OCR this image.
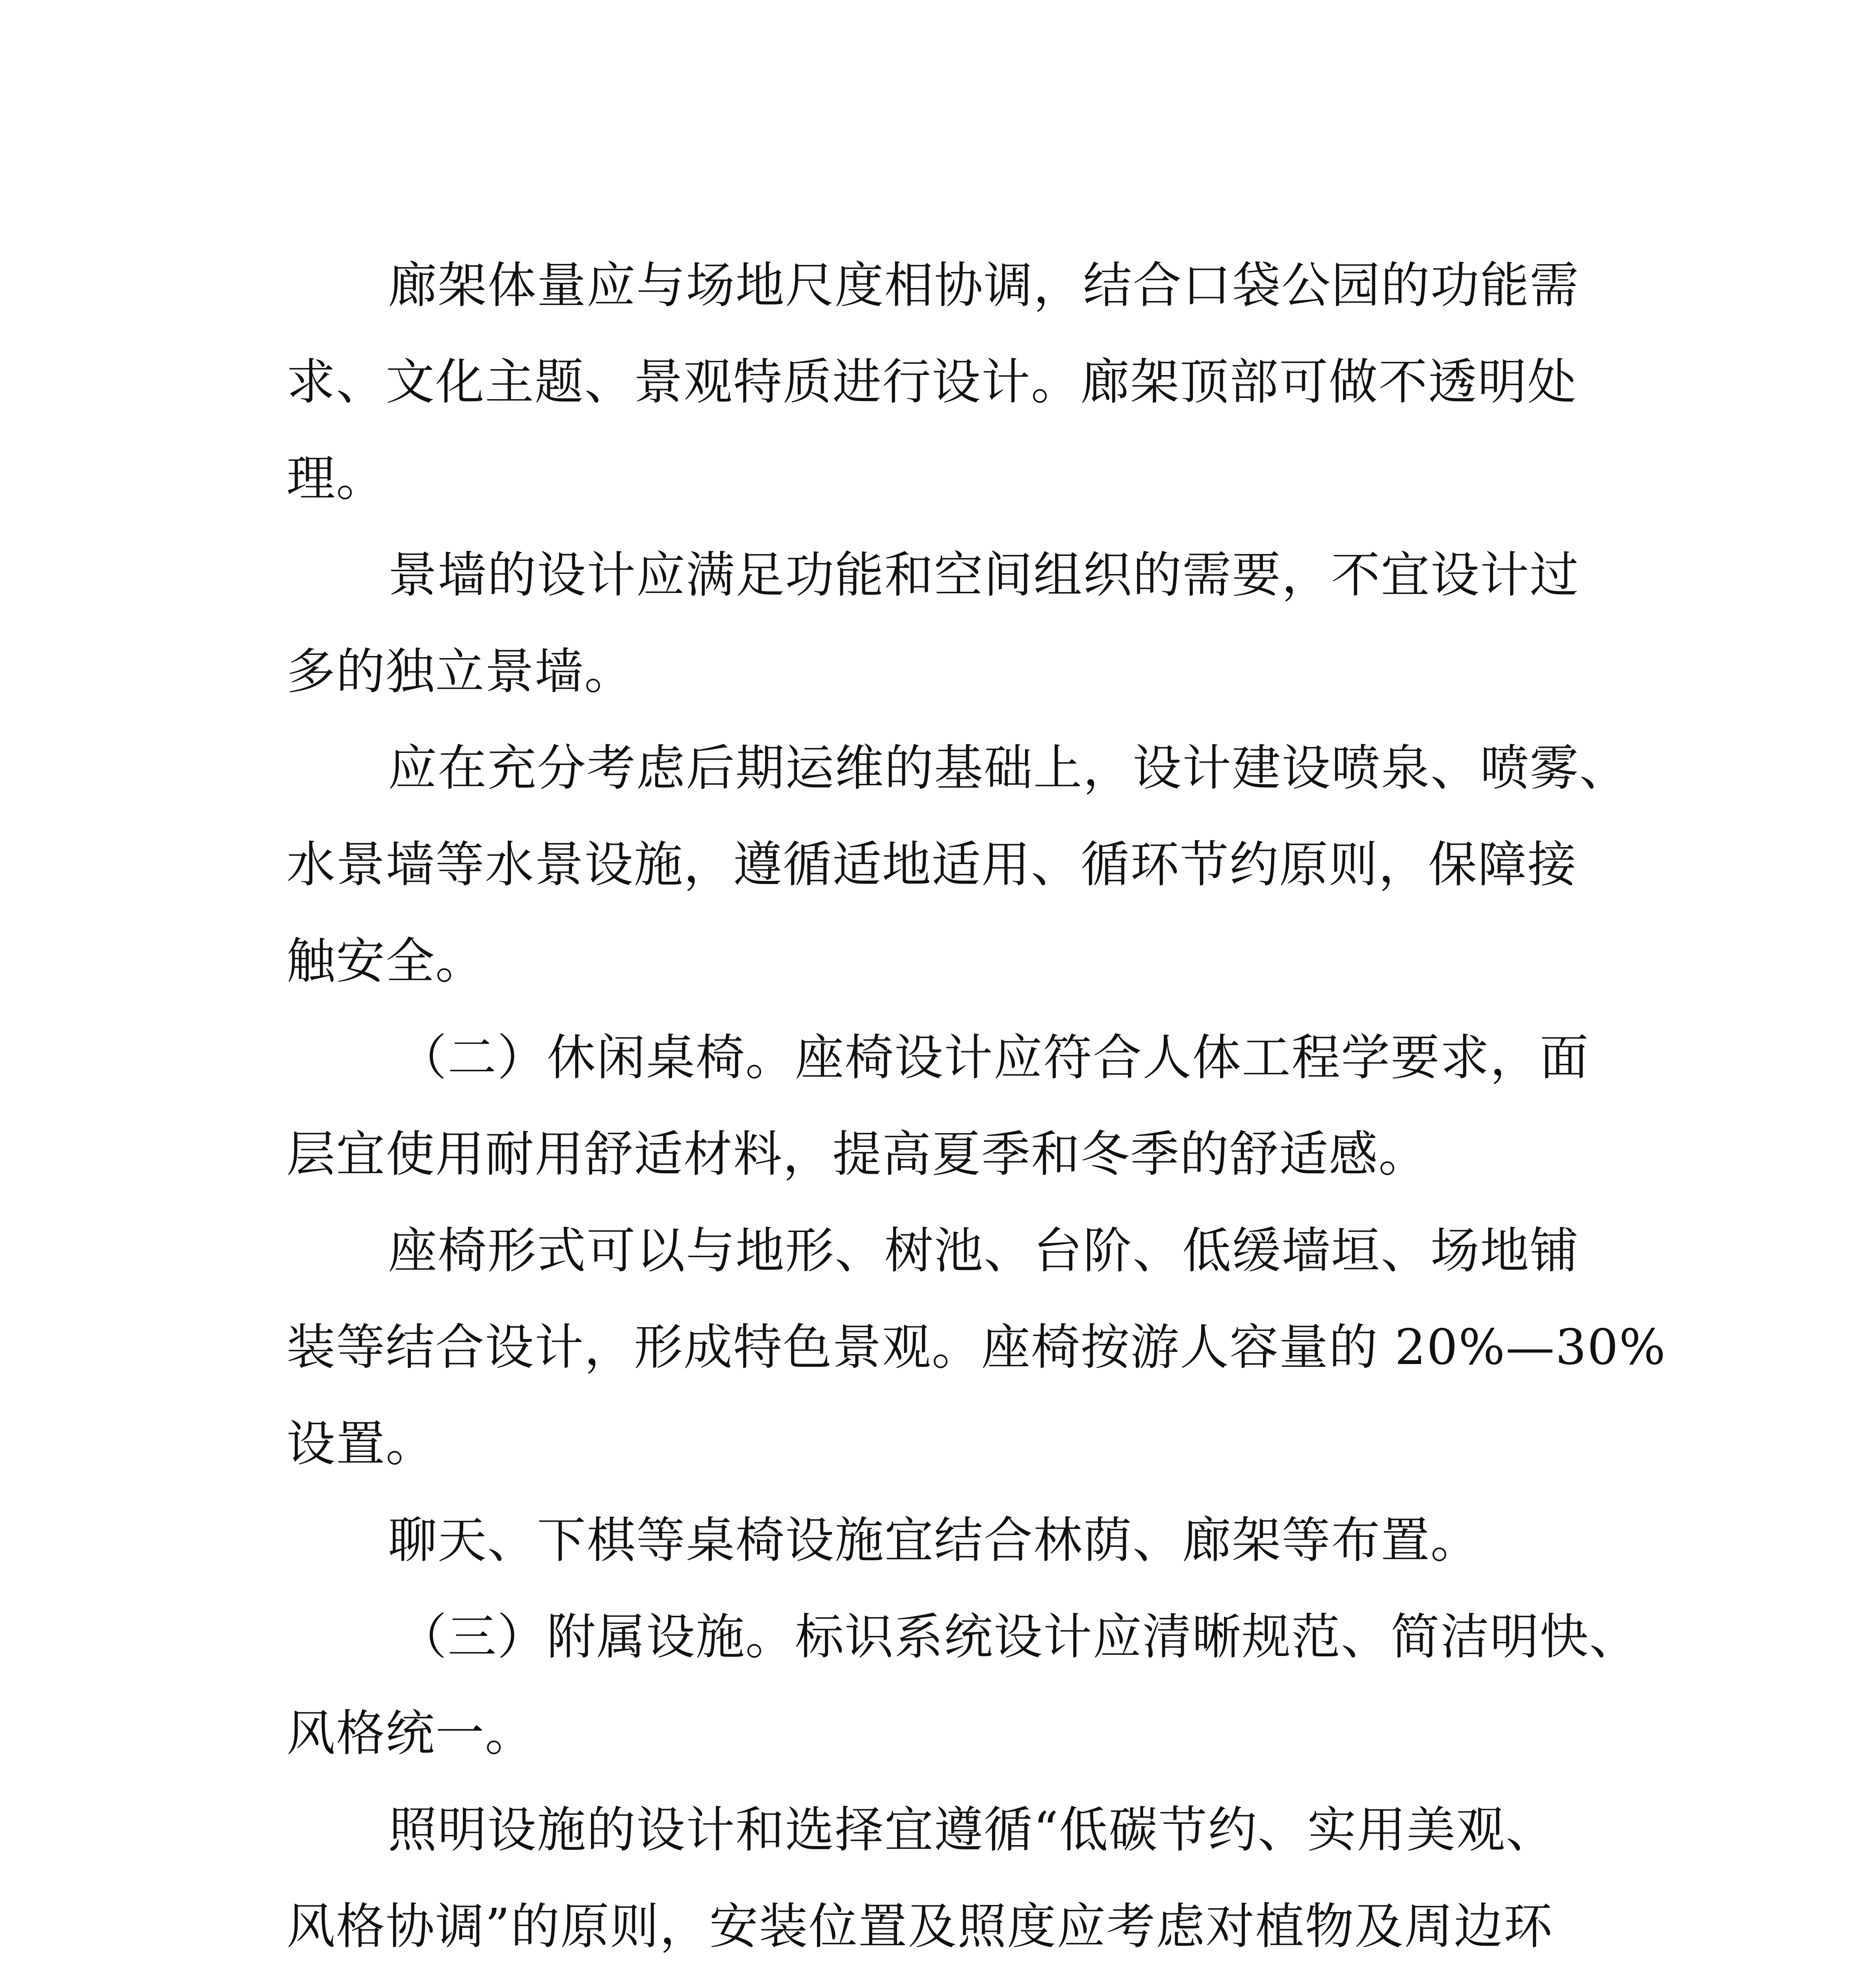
廊架体量应与场地尺度相协调，结合口袋公园的功能需
求、文化主题、景观特质进行设计。廊架顶部可做不透明处
理。
景墙的设计应满足功能和空间组织的需要，不宜设计过
多的独立景墙。
应在充分考虑后期运维的基础上，设计建设喷泉、喷雾、
水景墙等水景设施，遵循适地适用、循环节约原则，保障接
触安全。
（二）休闲桌椅。座椅设计应符合人体工程学要求，面
层宜使用耐用舒适材料，提高夏季和冬季的舒适感。
座椅形式可以与地形、树池、台阶、低缓墙垣、场地铺
装等结合设计，形成特色景观。座椅按游人容量的 20%—30%
设置。
聊天、下棋等桌椅设施宜结合林荫、廊架等布置。
（三）附属设施。标识系统设计应清晰规范、简洁明快、
风格统一。
照明设施的设计和选择宜遵循“低碳节约、实用美观、
风格协调”的原则，安装位置及照度应考虑对植物及周边环
